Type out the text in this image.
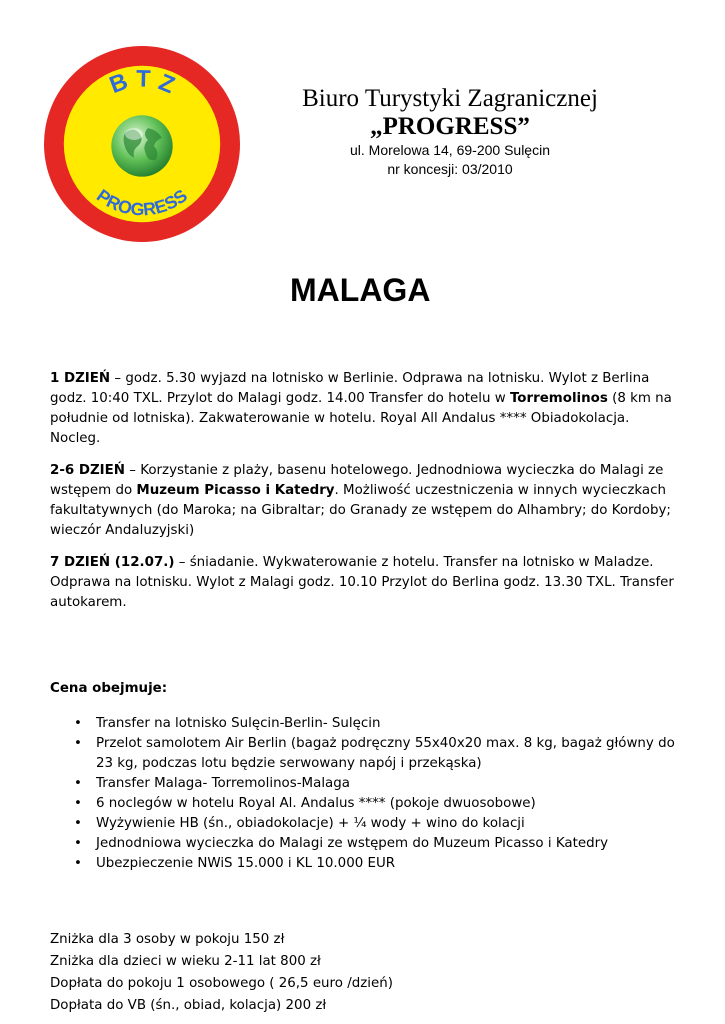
B T Z
PROGRESS
Biuro Turystyki Zagranicznej
„PROGRESS”
ul. Morelowa 14, 69-200 Sulęcin
nr koncesji: 03/2010
MALAGA

1 DZIEŃ – godz. 5.30 wyjazd na lotnisko w Berlinie. Odprawa na lotnisku. Wylot z Berlina godz. 10:40 TXL. Przylot do Malagi godz. 14.00 Transfer do hotelu w Torremolinos (8 km na południe od lotniska). Zakwaterowanie w hotelu. Royal All Andalus **** Obiadokolacja. Nocleg.

2-6 DZIEŃ – Korzystanie z plaży, basenu hotelowego. Jednodniowa wycieczka do Malagi ze wstępem do Muzeum Picasso i Katedry. Możliwość uczestniczenia w innych wycieczkach fakultatywnych (do Maroka; na Gibraltar; do Granady ze wstępem do Alhambry; do Kordoby; wieczór Andaluzyjski)

7 DZIEŃ (12.07.) – śniadanie. Wykwaterowanie z hotelu. Transfer na lotnisko w Maladze. Odprawa na lotnisku. Wylot z Malagi godz. 10.10 Przylot do Berlina godz. 13.30 TXL. Transfer autokarem.

Cena obejmuje:
• Transfer na lotnisko Sulęcin-Berlin- Sulęcin
• Przelot samolotem Air Berlin (bagaż podręczny 55x40x20 max. 8 kg, bagaż główny do 23 kg, podczas lotu będzie serwowany napój i przekąska)
• Transfer Malaga- Torremolinos-Malaga
• 6 noclegów w hotelu Royal Al. Andalus **** (pokoje dwuosobowe)
• Wyżywienie HB (śn., obiadokolacje) + ¼ wody + wino do kolacji
• Jednodniowa wycieczka do Malagi ze wstępem do Muzeum Picasso i Katedry
• Ubezpieczenie NWiS 15.000 i KL 10.000 EUR
Zniżka dla 3 osoby w pokoju 150 zł
Zniżka dla dzieci w wieku 2-11 lat 800 zł
Dopłata do pokoju 1 osobowego ( 26,5 euro /dzień)
Dopłata do VB (śn., obiad, kolacja) 200 zł
